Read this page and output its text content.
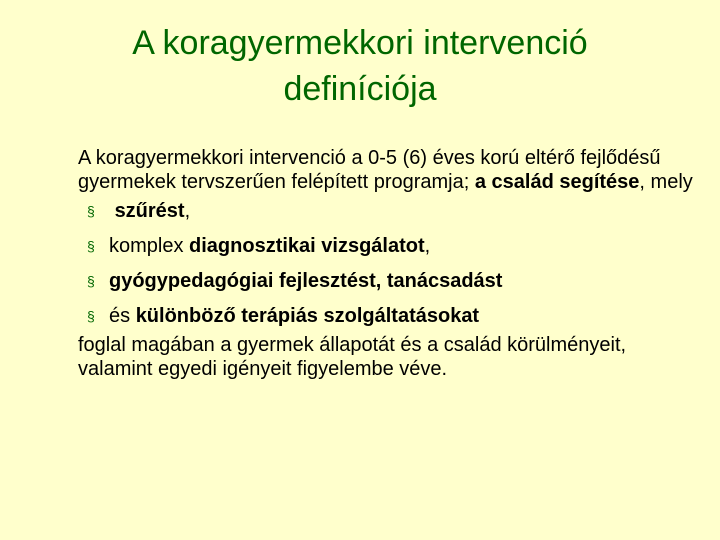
A koragyermekkori intervenció
definíciója

A koragyermekkori intervenció a 0-5 (6) éves korú eltérő fejlődésű gyermekek tervszerűen felépített programja; a család segítése, mely

§ szűrést,
§ komplex diagnosztikai vizsgálatot,
§ gyógypedagógiai fejlesztést, tanácsadást
§ és különböző terápiás szolgáltatásokat

foglal magában a gyermek állapotát és a család körülményeit, valamint egyedi igényeit figyelembe véve.
